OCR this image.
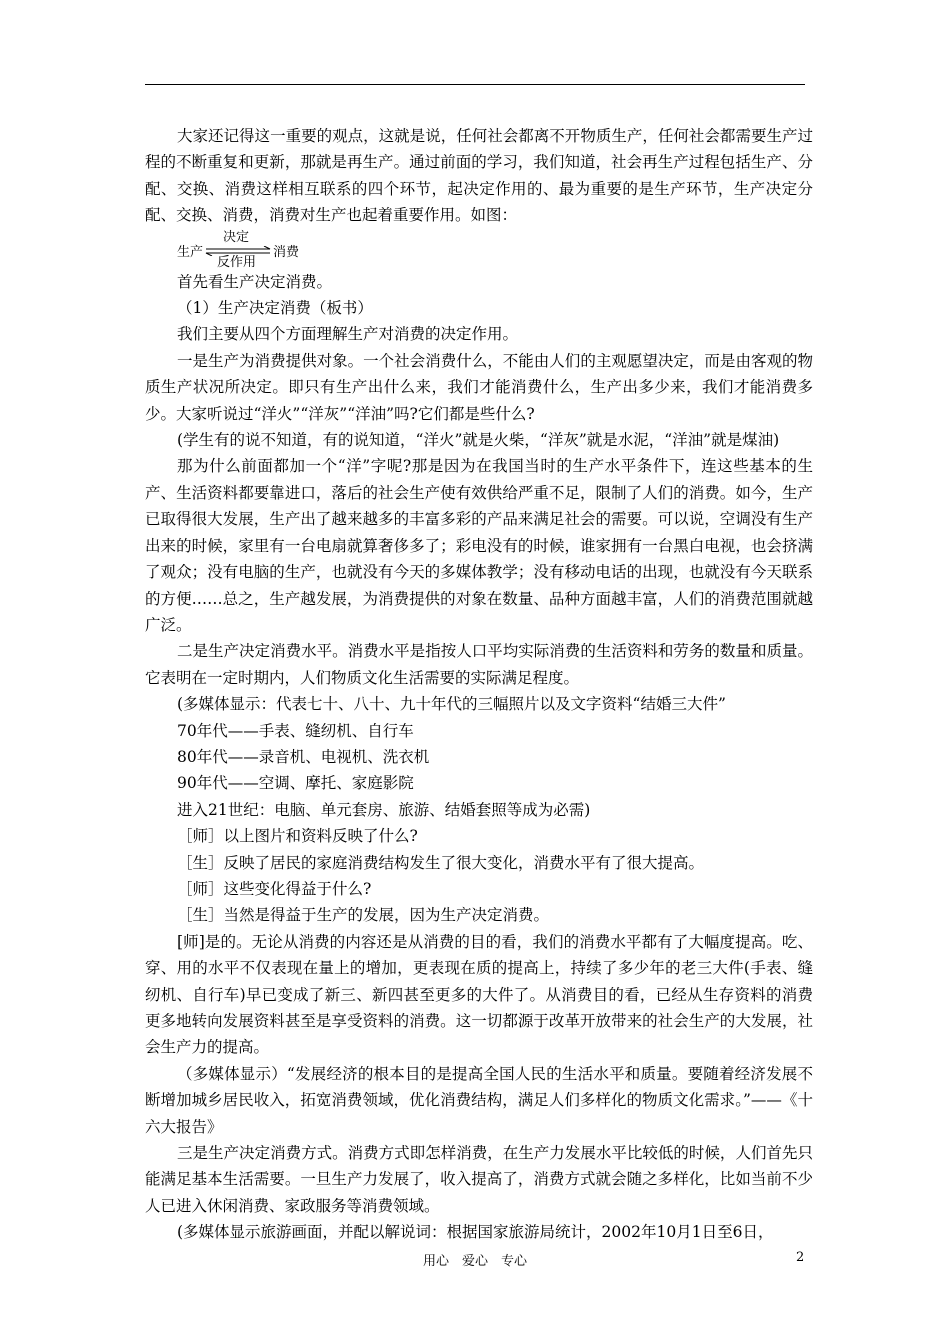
大家还记得这一重要的观点，这就是说，任何社会都离不开物质生产，任何社会都需要生产过程的不断重复和更新，那就是再生产。通过前面的学习，我们知道，社会再生产过程包括生产、分配、交换、消费这样相互联系的四个环节，起决定作用的、最为重要的是生产环节，生产决定分配、交换、消费，消费对生产也起着重要作用。如图：

生产
决定
反作用
消费

首先看生产决定消费。

（1）生产决定消费（板书）

我们主要从四个方面理解生产对消费的决定作用。

一是生产为消费提供对象。一个社会消费什么，不能由人们的主观愿望决定，而是由客观的物质生产状况所决定。即只有生产出什么来，我们才能消费什么，生产出多少来，我们才能消费多少。大家听说过“洋火”“洋灰”“洋油”吗?它们都是些什么?

(学生有的说不知道，有的说知道，“洋火”就是火柴，“洋灰”就是水泥，“洋油”就是煤油)

那为什么前面都加一个“洋”字呢?那是因为在我国当时的生产水平条件下，连这些基本的生产、生活资料都要靠进口，落后的社会生产使有效供给严重不足，限制了人们的消费。如今，生产已取得很大发展，生产出了越来越多的丰富多彩的产品来满足社会的需要。可以说，空调没有生产出来的时候，家里有一台电扇就算奢侈多了；彩电没有的时候，谁家拥有一台黑白电视，也会挤满了观众；没有电脑的生产，也就没有今天的多媒体教学；没有移动电话的出现，也就没有今天联系的方便……总之，生产越发展，为消费提供的对象在数量、品种方面越丰富，人们的消费范围就越广泛。

二是生产决定消费水平。消费水平是指按人口平均实际消费的生活资料和劳务的数量和质量。它表明在一定时期内，人们物质文化生活需要的实际满足程度。

(多媒体显示：代表七十、八十、九十年代的三幅照片以及文字资料“结婚三大件”

70年代——手表、缝纫机、自行车

80年代——录音机、电视机、洗衣机

90年代——空调、摩托、家庭影院

进入21世纪：电脑、单元套房、旅游、结婚套照等成为必需)

［师］以上图片和资料反映了什么?

［生］反映了居民的家庭消费结构发生了很大变化，消费水平有了很大提高。

［师］这些变化得益于什么?

［生］当然是得益于生产的发展，因为生产决定消费。

[师]是的。无论从消费的内容还是从消费的目的看，我们的消费水平都有了大幅度提高。吃、穿、用的水平不仅表现在量上的增加，更表现在质的提高上，持续了多少年的老三大件(手表、缝纫机、自行车)早已变成了新三、新四甚至更多的大件了。从消费目的看，已经从生存资料的消费更多地转向发展资料甚至是享受资料的消费。这一切都源于改革开放带来的社会生产的大发展，社会生产力的提高。

（多媒体显示）“发展经济的根本目的是提高全国人民的生活水平和质量。要随着经济发展不断增加城乡居民收入，拓宽消费领域，优化消费结构，满足人们多样化的物质文化需求。”——《十六大报告》

三是生产决定消费方式。消费方式即怎样消费，在生产力发展水平比较低的时候，人们首先只能满足基本生活需要。一旦生产力发展了，收入提高了，消费方式就会随之多样化，比如当前不少人已进入休闲消费、家政服务等消费领域。

(多媒体显示旅游画面，并配以解说词：根据国家旅游局统计，2002年10月1日至6日，

用心　爱心　专心	2
